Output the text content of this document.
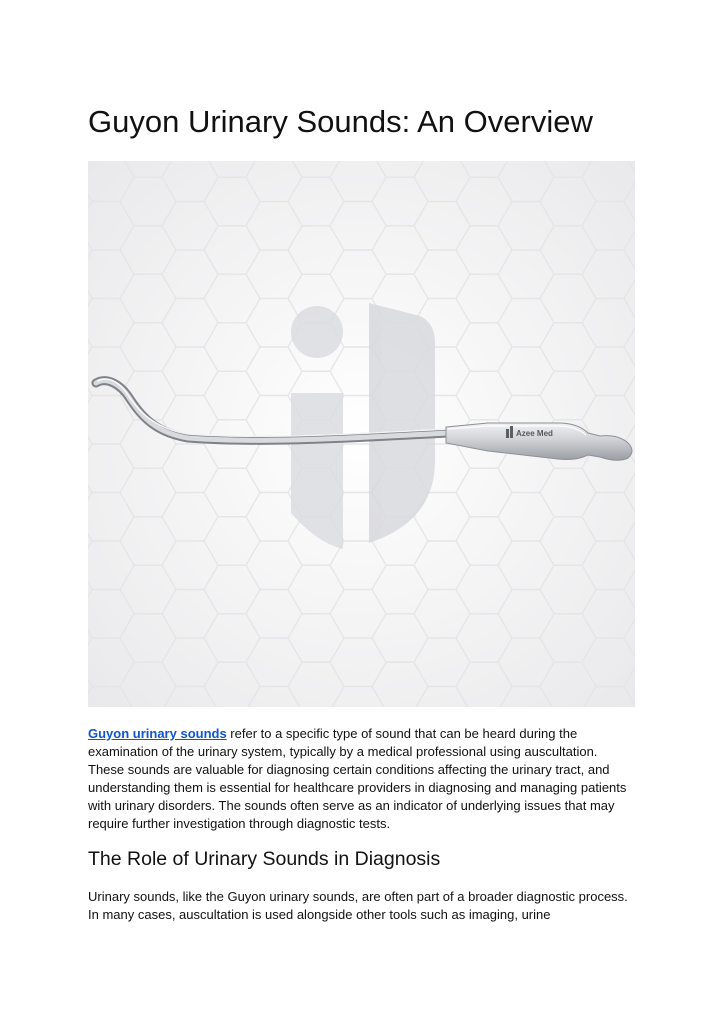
Guyon Urinary Sounds: An Overview
Azee Med

Guyon urinary sounds refer to a specific type of sound that can be heard during the examination of the urinary system, typically by a medical professional using auscultation. These sounds are valuable for diagnosing certain conditions affecting the urinary tract, and understanding them is essential for healthcare providers in diagnosing and managing patients with urinary disorders. The sounds often serve as an indicator of underlying issues that may require further investigation through diagnostic tests.

The Role of Urinary Sounds in Diagnosis

Urinary sounds, like the Guyon urinary sounds, are often part of a broader diagnostic process. In many cases, auscultation is used alongside other tools such as imaging, urine
